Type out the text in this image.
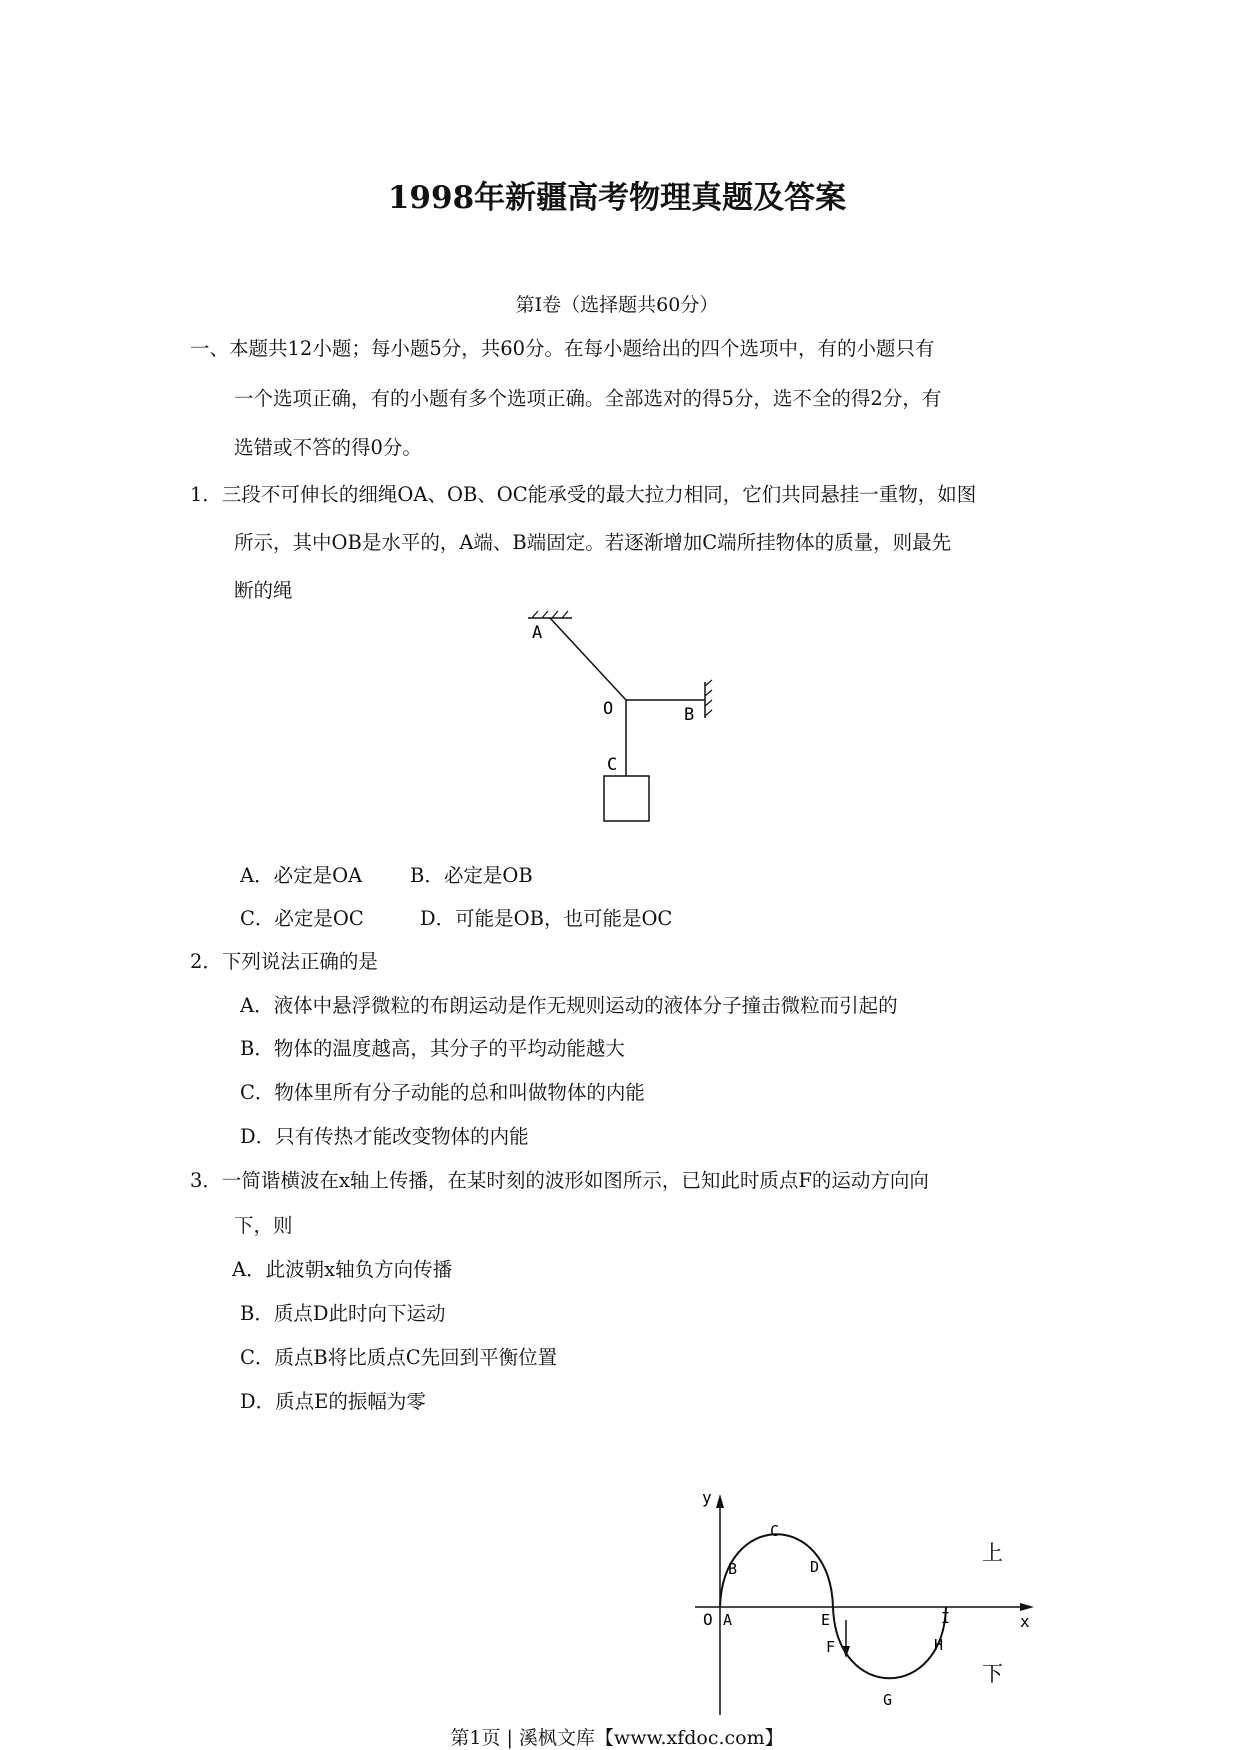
1998年新疆高考物理真题及答案
第I卷（选择题共60分）
一、本题共12小题；每小题5分，共60分。在每小题给出的四个选项中，有的小题只有
一个选项正确，有的小题有多个选项正确。全部选对的得5分，选不全的得2分，有
选错或不答的得0分。
1．三段不可伸长的细绳OA、OB、OC能承受的最大拉力相同，它们共同悬挂一重物，如图
所示，其中OB是水平的，A端、B端固定。若逐渐增加C端所挂物体的质量，则最先
断的绳
A
O	B
C
A．必定是OA B．必定是OB
C．必定是OC	D．可能是OB，也可能是OC
2．下列说法正确的是
A．液体中悬浮微粒的布朗运动是作无规则运动的液体分子撞击微粒而引起的
B．物体的温度越高，其分子的平均动能越大
C．物体里所有分子动能的总和叫做物体的内能
D．只有传热才能改变物体的内能
3．一简谐横波在x轴上传播，在某时刻的波形如图所示，已知此时质点F的运动方向向
下，则
A．此波朝x轴负方向传播
B．质点D此时向下运动
C．质点B将比质点C先回到平衡位置
D．质点E的振幅为零
y
x
O A
B
C
D
E
F
G
H
I
上
下
第1页 | 溪枫文库【www.xfdoc.com】
